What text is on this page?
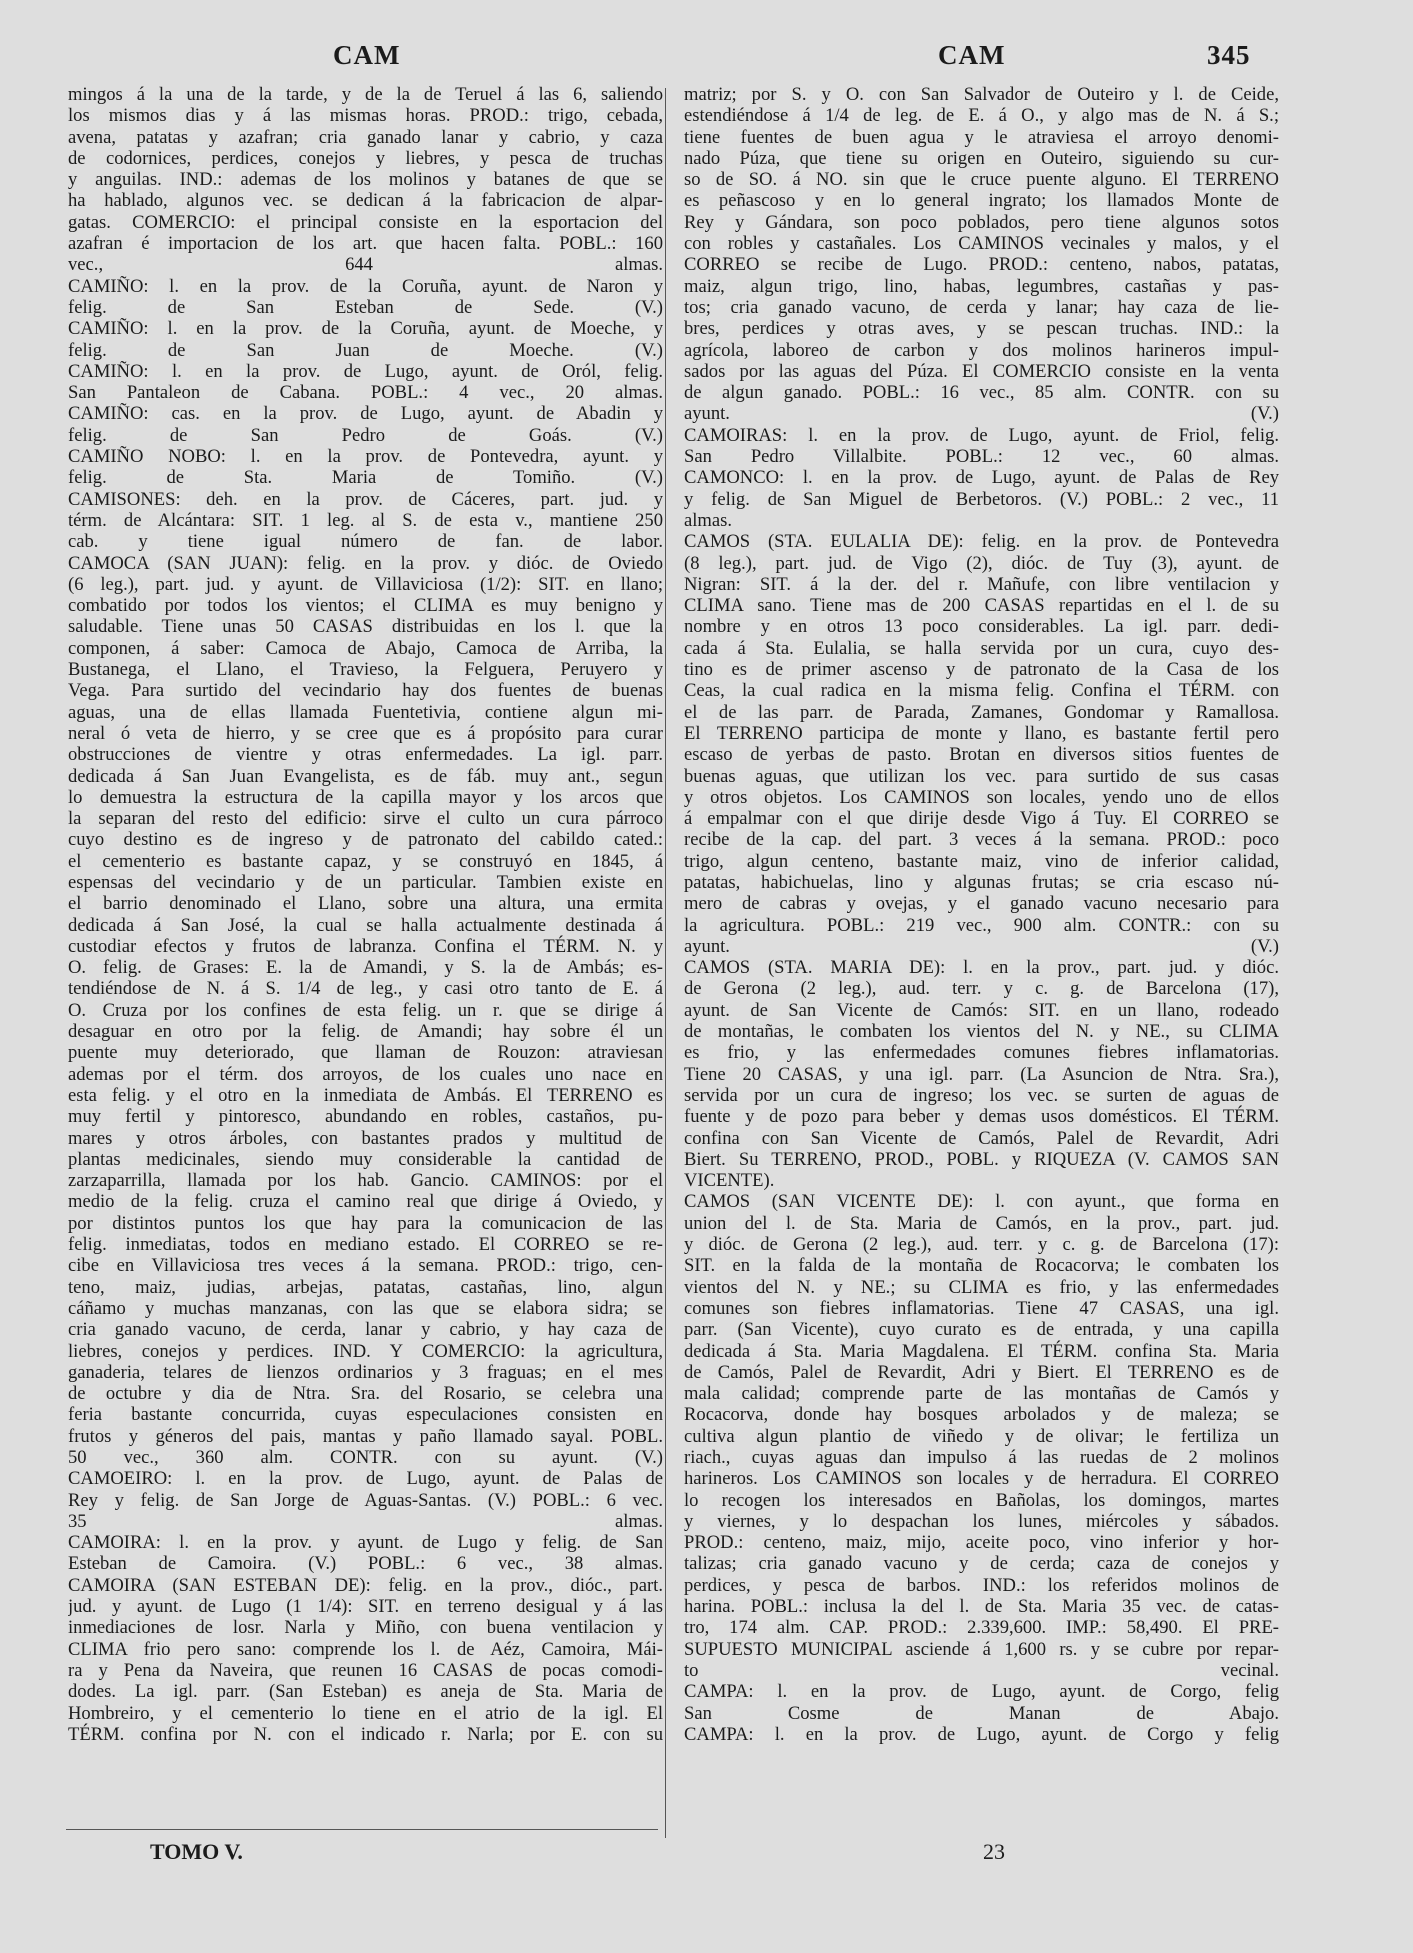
CAM	CAM	345
mingos á la una de la tarde, y de la de Teruel á las 6, saliendo
los mismos dias y á las mismas horas. PROD.: trigo, cebada,
avena, patatas y azafran; cria ganado lanar y cabrio, y caza
de codornices, perdices, conejos y liebres, y pesca de truchas
y anguilas. IND.: ademas de los molinos y batanes de que se
ha hablado, algunos vec. se dedican á la fabricacion de alpar-
gatas. COMERCIO: el principal consiste en la esportacion del
azafran é importacion de los art. que hacen falta. POBL.: 160
vec., 644 almas.
CAMIÑO: l. en la prov. de la Coruña, ayunt. de Naron y
felig. de San Esteban de Sede. (V.)
CAMIÑO: l. en la prov. de la Coruña, ayunt. de Moeche, y
felig. de San Juan de Moeche. (V.)
CAMIÑO: l. en la prov. de Lugo, ayunt. de Oról, felig.
San Pantaleon de Cabana. POBL.: 4 vec., 20 almas.
CAMIÑO: cas. en la prov. de Lugo, ayunt. de Abadin y
felig. de San Pedro de Goás. (V.)
CAMIÑO NOBO: l. en la prov. de Pontevedra, ayunt. y
felig. de Sta. Maria de Tomiño. (V.)
CAMISONES: deh. en la prov. de Cáceres, part. jud. y
térm. de Alcántara: SIT. 1 leg. al S. de esta v., mantiene 250
cab. y tiene igual número de fan. de labor.
CAMOCA (SAN JUAN): felig. en la prov. y dióc. de Oviedo
(6 leg.), part. jud. y ayunt. de Villaviciosa (1/2): SIT. en llano;
combatido por todos los vientos; el CLIMA es muy benigno y
saludable. Tiene unas 50 CASAS distribuidas en los l. que la
componen, á saber: Camoca de Abajo, Camoca de Arriba, la
Bustanega, el Llano, el Travieso, la Felguera, Peruyero y
Vega. Para surtido del vecindario hay dos fuentes de buenas
aguas, una de ellas llamada Fuentetivia, contiene algun mi-
neral ó veta de hierro, y se cree que es á propósito para curar
obstrucciones de vientre y otras enfermedades. La igl. parr.
dedicada á San Juan Evangelista, es de fáb. muy ant., segun
lo demuestra la estructura de la capilla mayor y los arcos que
la separan del resto del edificio: sirve el culto un cura párroco
cuyo destino es de ingreso y de patronato del cabildo cated.:
el cementerio es bastante capaz, y se construyó en 1845, á
espensas del vecindario y de un particular. Tambien existe en
el barrio denominado el Llano, sobre una altura, una ermita
dedicada á San José, la cual se halla actualmente destinada á
custodiar efectos y frutos de labranza. Confina el TÉRM. N. y
O. felig. de Grases: E. la de Amandi, y S. la de Ambás; es-
tendiéndose de N. á S. 1/4 de leg., y casi otro tanto de E. á
O. Cruza por los confines de esta felig. un r. que se dirige á
desaguar en otro por la felig. de Amandi; hay sobre él un
puente muy deteriorado, que llaman de Rouzon: atraviesan
ademas por el térm. dos arroyos, de los cuales uno nace en
esta felig. y el otro en la inmediata de Ambás. El TERRENO es
muy fertil y pintoresco, abundando en robles, castaños, pu-
mares y otros árboles, con bastantes prados y multitud de
plantas medicinales, siendo muy considerable la cantidad de
zarzaparrilla, llamada por los hab. Gancio. CAMINOS: por el
medio de la felig. cruza el camino real que dirige á Oviedo, y
por distintos puntos los que hay para la comunicacion de las
felig. inmediatas, todos en mediano estado. El CORREO se re-
cibe en Villaviciosa tres veces á la semana. PROD.: trigo, cen-
teno, maiz, judias, arbejas, patatas, castañas, lino, algun
cáñamo y muchas manzanas, con las que se elabora sidra; se
cria ganado vacuno, de cerda, lanar y cabrio, y hay caza de
liebres, conejos y perdices. IND. Y COMERCIO: la agricultura,
ganaderia, telares de lienzos ordinarios y 3 fraguas; en el mes
de octubre y dia de Ntra. Sra. del Rosario, se celebra una
feria bastante concurrida, cuyas especulaciones consisten en
frutos y géneros del pais, mantas y paño llamado sayal. POBL.
50 vec., 360 alm. CONTR. con su ayunt. (V.)
CAMOEIRO: l. en la prov. de Lugo, ayunt. de Palas de
Rey y felig. de San Jorge de Aguas-Santas. (V.) POBL.: 6 vec.
35 almas.
CAMOIRA: l. en la prov. y ayunt. de Lugo y felig. de San
Esteban de Camoira. (V.) POBL.: 6 vec., 38 almas.
CAMOIRA (SAN ESTEBAN DE): felig. en la prov., dióc., part.
jud. y ayunt. de Lugo (1 1/4): SIT. en terreno desigual y á las
inmediaciones de losr. Narla y Miño, con buena ventilacion y
CLIMA frio pero sano: comprende los l. de Aéz, Camoira, Mái-
ra y Pena da Naveira, que reunen 16 CASAS de pocas comodi-
dodes. La igl. parr. (San Esteban) es aneja de Sta. Maria de
Hombreiro, y el cementerio lo tiene en el atrio de la igl. El
TÉRM. confina por N. con el indicado r. Narla; por E. con su
matriz; por S. y O. con San Salvador de Outeiro y l. de Ceide,
estendiéndose á 1/4 de leg. de E. á O., y algo mas de N. á S.;
tiene fuentes de buen agua y le atraviesa el arroyo denomi-
nado Púza, que tiene su origen en Outeiro, siguiendo su cur-
so de SO. á NO. sin que le cruce puente alguno. El TERRENO
es peñascoso y en lo general ingrato; los llamados Monte de
Rey y Gándara, son poco poblados, pero tiene algunos sotos
con robles y castañales. Los CAMINOS vecinales y malos, y el
CORREO se recibe de Lugo. PROD.: centeno, nabos, patatas,
maiz, algun trigo, lino, habas, legumbres, castañas y pas-
tos; cria ganado vacuno, de cerda y lanar; hay caza de lie-
bres, perdices y otras aves, y se pescan truchas. IND.: la
agrícola, laboreo de carbon y dos molinos harineros impul-
sados por las aguas del Púza. El COMERCIO consiste en la venta
de algun ganado. POBL.: 16 vec., 85 alm. CONTR. con su
ayunt. (V.)
CAMOIRAS: l. en la prov. de Lugo, ayunt. de Friol, felig.
San Pedro Villalbite. POBL.: 12 vec., 60 almas.
CAMONCO: l. en la prov. de Lugo, ayunt. de Palas de Rey
y felig. de San Miguel de Berbetoros. (V.) POBL.: 2 vec., 11
almas.
CAMOS (STA. EULALIA DE): felig. en la prov. de Pontevedra
(8 leg.), part. jud. de Vigo (2), dióc. de Tuy (3), ayunt. de
Nigran: SIT. á la der. del r. Mañufe, con libre ventilacion y
CLIMA sano. Tiene mas de 200 CASAS repartidas en el l. de su
nombre y en otros 13 poco considerables. La igl. parr. dedi-
cada á Sta. Eulalia, se halla servida por un cura, cuyo des-
tino es de primer ascenso y de patronato de la Casa de los
Ceas, la cual radica en la misma felig. Confina el TÉRM. con
el de las parr. de Parada, Zamanes, Gondomar y Ramallosa.
El TERRENO participa de monte y llano, es bastante fertil pero
escaso de yerbas de pasto. Brotan en diversos sitios fuentes de
buenas aguas, que utilizan los vec. para surtido de sus casas
y otros objetos. Los CAMINOS son locales, yendo uno de ellos
á empalmar con el que dirije desde Vigo á Tuy. El CORREO se
recibe de la cap. del part. 3 veces á la semana. PROD.: poco
trigo, algun centeno, bastante maiz, vino de inferior calidad,
patatas, habichuelas, lino y algunas frutas; se cria escaso nú-
mero de cabras y ovejas, y el ganado vacuno necesario para
la agricultura. POBL.: 219 vec., 900 alm. CONTR.: con su
ayunt. (V.)
CAMOS (STA. MARIA DE): l. en la prov., part. jud. y dióc.
de Gerona (2 leg.), aud. terr. y c. g. de Barcelona (17),
ayunt. de San Vicente de Camós: SIT. en un llano, rodeado
de montañas, le combaten los vientos del N. y NE., su CLIMA
es frio, y las enfermedades comunes fiebres inflamatorias.
Tiene 20 CASAS, y una igl. parr. (La Asuncion de Ntra. Sra.),
servida por un cura de ingreso; los vec. se surten de aguas de
fuente y de pozo para beber y demas usos domésticos. El TÉRM.
confina con San Vicente de Camós, Palel de Revardit, Adri
Biert. Su TERRENO, PROD., POBL. y RIQUEZA (V. CAMOS SAN
VICENTE).
CAMOS (SAN VICENTE DE): l. con ayunt., que forma en
union del l. de Sta. Maria de Camós, en la prov., part. jud.
y dióc. de Gerona (2 leg.), aud. terr. y c. g. de Barcelona (17):
SIT. en la falda de la montaña de Rocacorva; le combaten los
vientos del N. y NE.; su CLIMA es frio, y las enfermedades
comunes son fiebres inflamatorias. Tiene 47 CASAS, una igl.
parr. (San Vicente), cuyo curato es de entrada, y una capilla
dedicada á Sta. Maria Magdalena. El TÉRM. confina Sta. Maria
de Camós, Palel de Revardit, Adri y Biert. El TERRENO es de
mala calidad; comprende parte de las montañas de Camós y
Rocacorva, donde hay bosques arbolados y de maleza; se
cultiva algun plantio de viñedo y de olivar; le fertiliza un
riach., cuyas aguas dan impulso á las ruedas de 2 molinos
harineros. Los CAMINOS son locales y de herradura. El CORREO
lo recogen los interesados en Bañolas, los domingos, martes
y viernes, y lo despachan los lunes, miércoles y sábados.
PROD.: centeno, maiz, mijo, aceite poco, vino inferior y hor-
talizas; cria ganado vacuno y de cerda; caza de conejos y
perdices, y pesca de barbos. IND.: los referidos molinos de
harina. POBL.: inclusa la del l. de Sta. Maria 35 vec. de catas-
tro, 174 alm. CAP. PROD.: 2.339,600. IMP.: 58,490. El PRE-
SUPUESTO MUNICIPAL asciende á 1,600 rs. y se cubre por repar-
to vecinal.
CAMPA: l. en la prov. de Lugo, ayunt. de Corgo, felig
San Cosme de Manan de Abajo.
CAMPA: l. en la prov. de Lugo, ayunt. de Corgo y felig
TOMO V.	23
